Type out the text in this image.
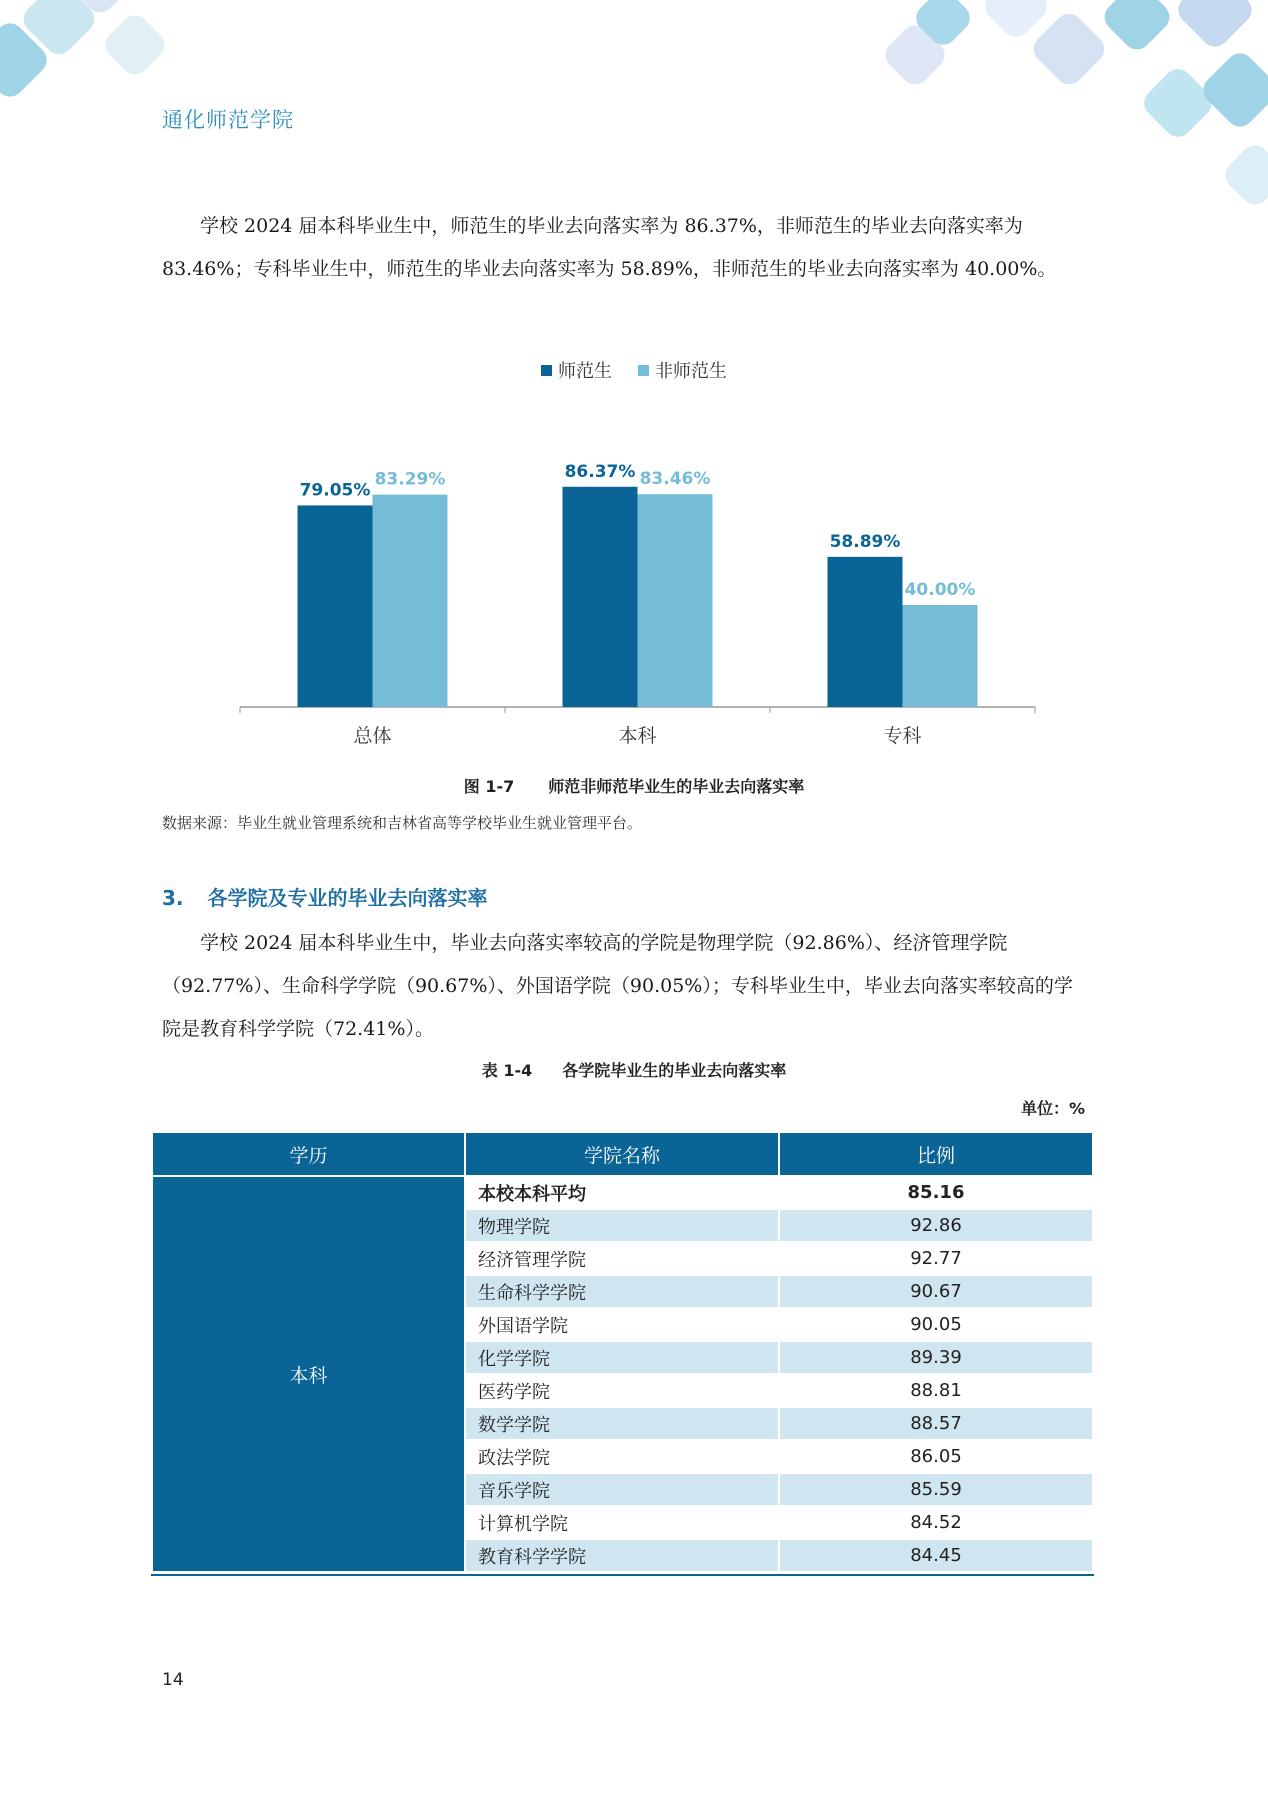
通化师范学院

学校 2024 届本科毕业生中，师范生的毕业去向落实率为 86.37%，非师范生的毕业去向落实率为 83.46%；专科毕业生中，师范生的毕业去向落实率为 58.89%，非师范生的毕业去向落实率为 40.00%。

师范生 非师范生
79.05%
83.29%
总体
86.37% 83.46%
本科
58.89%
40.00%
专科
图 1-7 师范非师范毕业生的毕业去向落实率
数据来源：毕业生就业管理系统和吉林省高等学校毕业生就业管理平台。
3. 各学院及专业的毕业去向落实率

学校 2024 届本科毕业生中，毕业去向落实率较高的学院是物理学院（92.86%）、经济管理学院（92.77%）、生命科学学院（90.67%）、外国语学院（90.05%）；专科毕业生中，毕业去向落实率较高的学院是教育科学学院（72.41%）。

表 1-4 各学院毕业生的毕业去向落实率
单位：%
学历	学院名称	比例
本科	本校本科平均	85.16
	物理学院	92.86
	经济管理学院	92.77
	生命科学学院	90.67
	外国语学院	90.05
	化学学院	89.39
	医药学院	88.81
	数学学院	88.57
	政法学院	86.05
	音乐学院	85.59
	计算机学院	84.52
	教育科学学院	84.45
14
